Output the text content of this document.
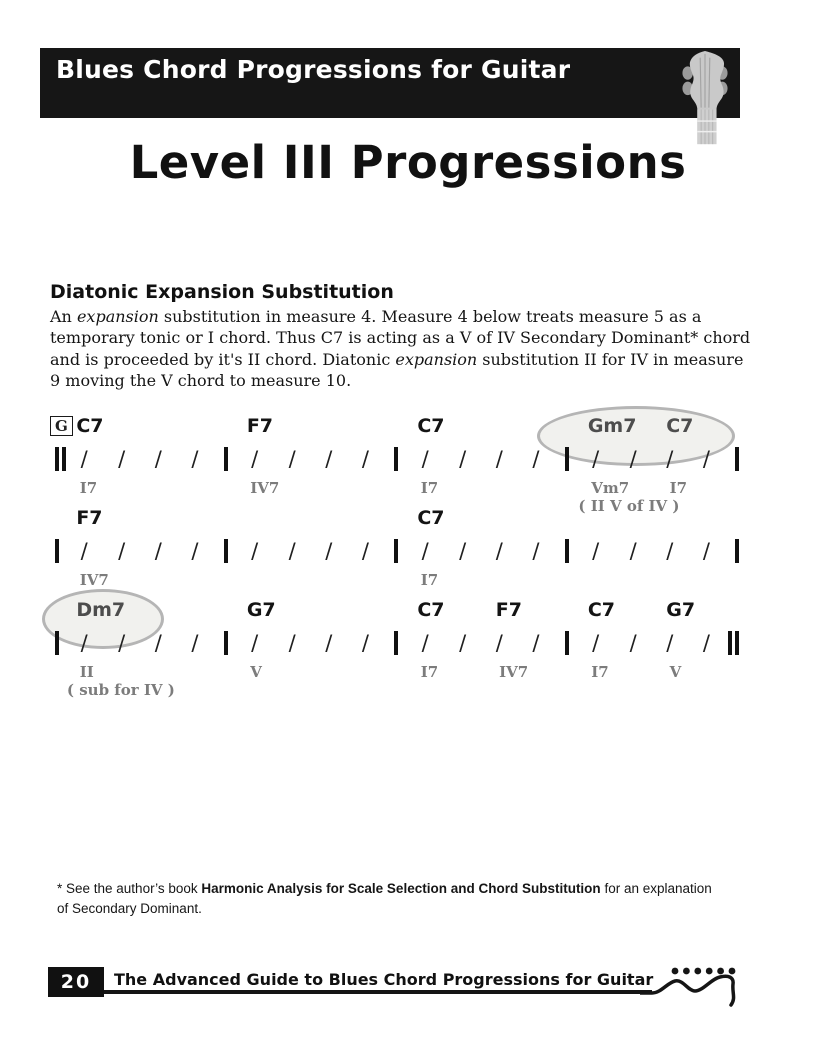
Blues Chord Progressions for Guitar
Level III Progressions
Diatonic Expansion Substitution
An expansion substitution in measure 4. Measure 4 below treats measure 5 as a temporary tonic or I chord. Thus C7 is acting as a V of IV Secondary Dominant* chord and is proceeded by it's II chord. Diatonic expansion substitution II for IV in measure 9 moving the V chord to measure 10.
G C7
/ / / /
I7
F7
/ / / /
IV7
C7
/ / / /
I7
Gm7 C7
/ / / /
Vm7	I7
( II V of IV )
F7
/ / / /
IV7
/ / / /
C7
/ / / /
I7
/ / / /
Dm7
/ / / /
II
( sub for IV )
G7
/ / / /
V
C7	F7
/ / / /
I7	IV7
C7	G7
/ / / /
I7	V
* See the author’s book Harmonic Analysis for Scale Selection and Chord Substitution for an explanation of Secondary Dominant.
20	The Advanced Guide to Blues Chord Progressions for Guitar
